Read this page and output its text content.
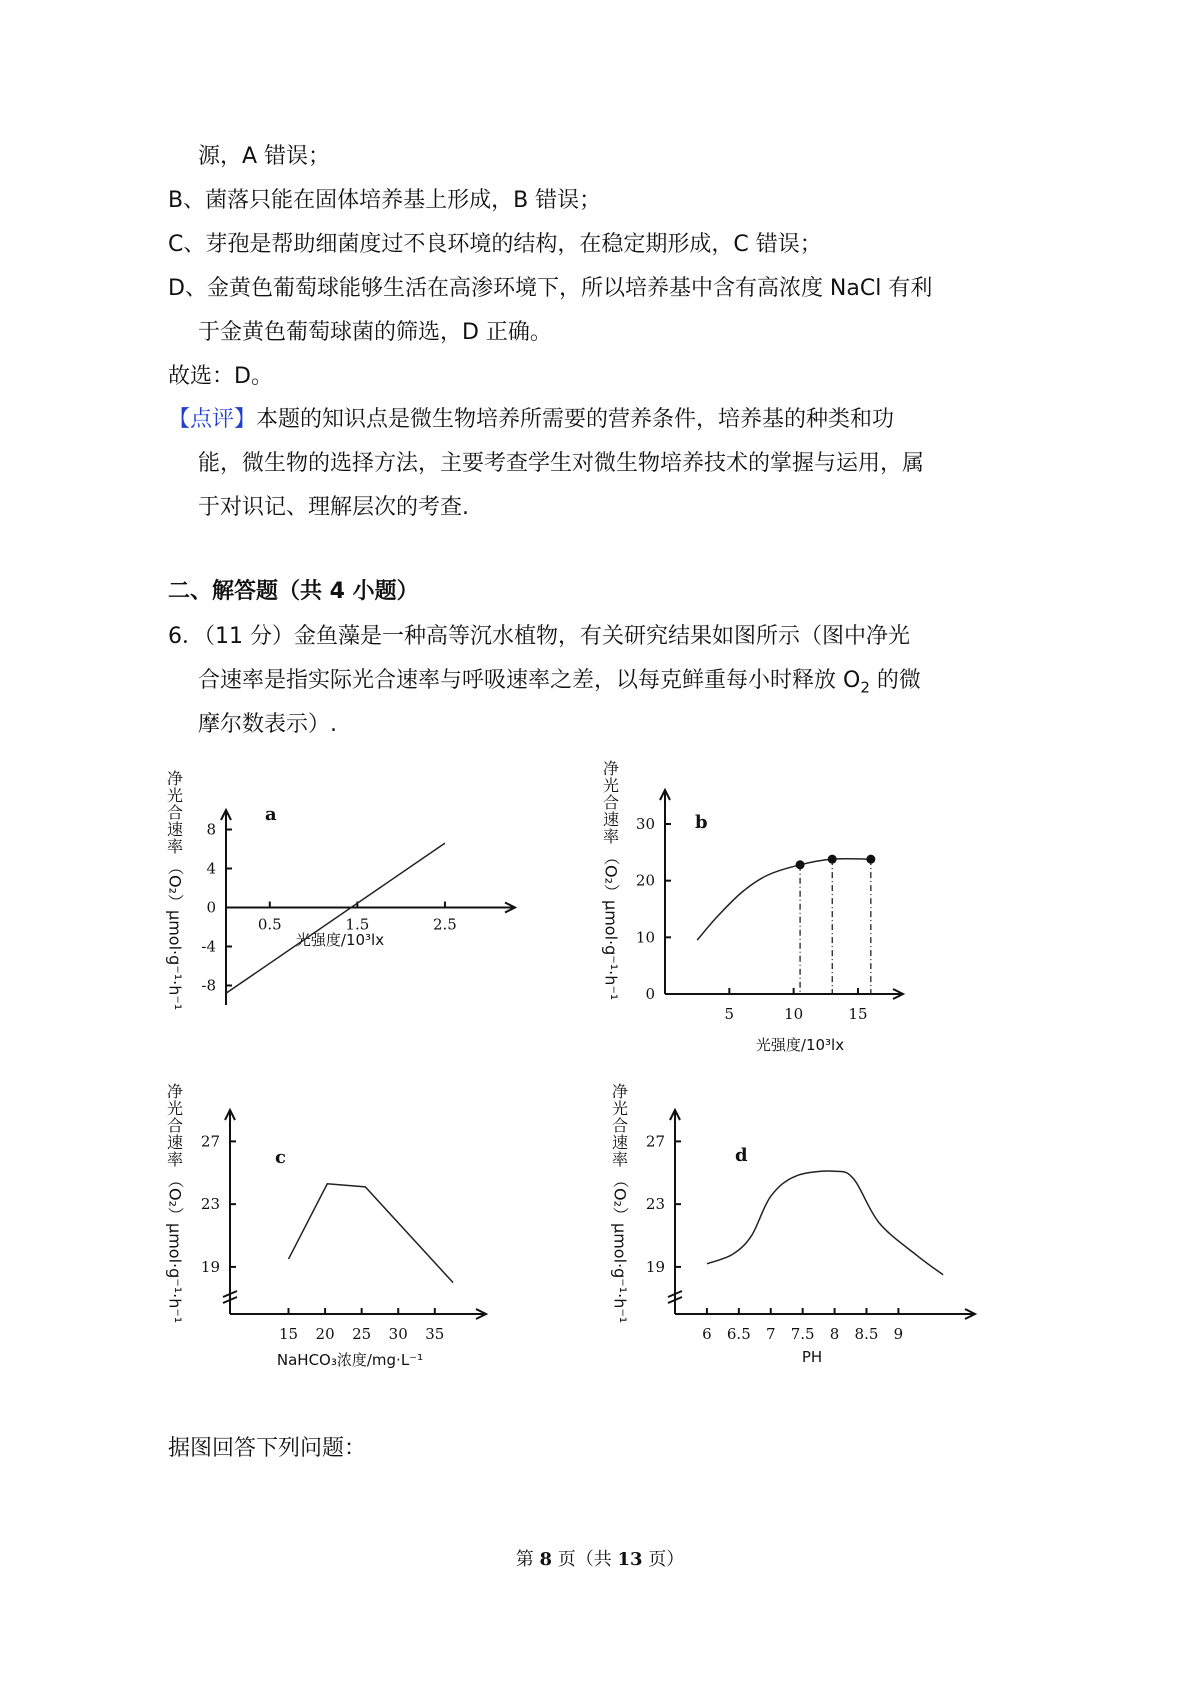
源，A 错误；
B、菌落只能在固体培养基上形成，B 错误；
C、芽孢是帮助细菌度过不良环境的结构，在稳定期形成，C 错误；
D、金黄色葡萄球能够生活在高渗环境下，所以培养基中含有高浓度 NaCl 有利
于金黄色葡萄球菌的筛选，D 正确。
故选：D。
【点评】本题的知识点是微生物培养所需要的营养条件，培养基的种类和功
能，微生物的选择方法，主要考查学生对微生物培养技术的掌握与运用，属
于对识记、理解层次的考查.
二、解答题（共 4 小题）
6．（11 分）金鱼藻是一种高等沉水植物，有关研究结果如图所示（图中净光
合速率是指实际光合速率与呼吸速率之差，以每克鲜重每小时释放 $O_2$ 的微
摩尔数表示）.
净光合速率
（O₂）μmol·g⁻¹·h⁻¹
净光合速率
（O₂）μmol·g⁻¹·h⁻¹
净光合速率
（O₂）μmol·g⁻¹·h⁻¹
净光合速率
（O₂）μmol·g⁻¹·h⁻¹
0.5	1.5	2.5
8
4
0
-4
-8
a
光强度/10³lx
5	10	15
0
10
20
30 b
光强度/10³lx
15 20 25 30 35
19
23
27
c
NaHCO₃浓度/mg·L⁻¹
6 6.5 7 7.5 8 8.5 9
19
23
27
d
PH
据图回答下列问题：
第 8 页（共 13 页）
